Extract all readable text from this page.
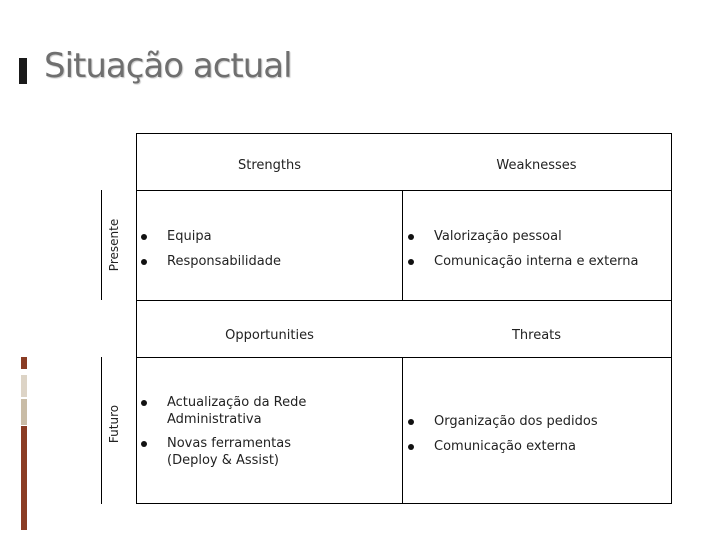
Situação actual
Presente
Futuro
Strengths	Weaknesses
Opportunities	Threats
Equipa
Responsabilidade
Valorização pessoal
Comunicação interna e externa
Actualização da Rede Administrativa
Novas ferramentas (Deploy & Assist)
Organização dos pedidos
Comunicação externa
